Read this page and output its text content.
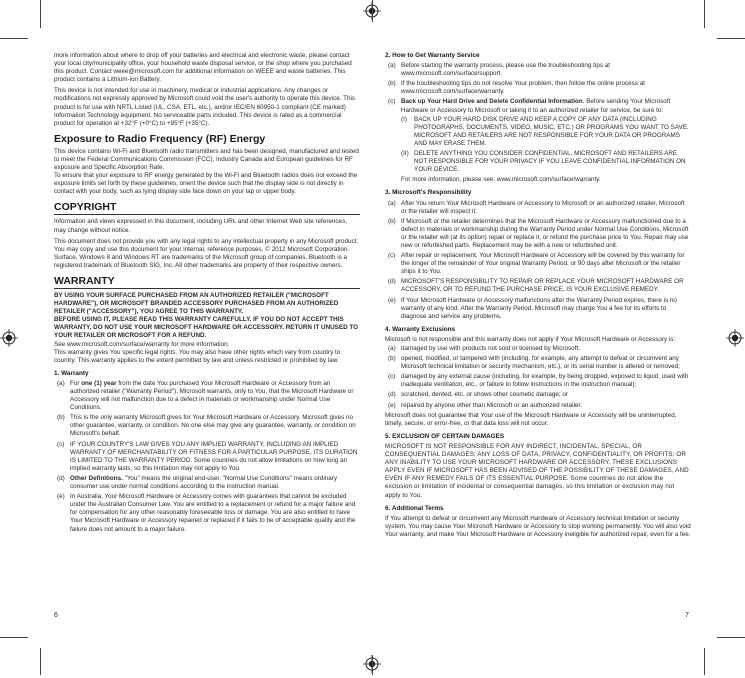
more information about where to drop off your batteries and electrical and electronic waste, please contact your local city/municipality office, your household waste disposal service, or the shop where you purchased this product. Contact weee@microsoft.com for additional information on WEEE and waste batteries. This product contains a Lithium-ion Battery.

This device is not intended for use in machinery, medical or industrial applications. Any changes or modifications not expressly approved by Microsoft could void the user's authority to operate this device. This product is for use with NRTL Listed (UL, CSA, ETL, etc.), and/or IEC/EN 60950-1 compliant (CE marked) Information Technology equipment. No serviceable parts included. This device is rated as a commercial product for operation at +32°F (+0°C) to +95°F (+35°C).

Exposure to Radio Frequency (RF) Energy

This device contains Wi-Fi and Bluetooth radio transmitters and has been designed, manufactured and tested to meet the Federal Communications Commission (FCC), Industry Canada and European guidelines for RF exposure and Specific Absorption Rate.

To ensure that your exposure to RF energy generated by the Wi-Fi and Bluetooth radios does not exceed the exposure limits set forth by these guidelines, orient the device such that the display side is not directly in contact with your body, such as lying display side face down on your lap or upper body.

COPYRIGHT

Information and views expressed in this document, including URL and other Internet Web site references, may change without notice.

This document does not provide you with any legal rights to any intellectual property in any Microsoft product. You may copy and use this document for your internal, reference purposes. © 2012 Microsoft Corporation. Surface, Windows 8 and Windows RT are trademarks of the Microsoft group of companies. Bluetooth is a registered trademark of Bluetooth SIG, Inc. All other trademarks are property of their respective owners.

WARRANTY

BY USING YOUR SURFACE PURCHASED FROM AN AUTHORIZED RETAILER ("MICROSOFT HARDWARE"), OR MICROSOFT BRANDED ACCESSORY PURCHASED FROM AN AUTHORIZED RETAILER ("ACCESSORY"), YOU AGREE TO THIS WARRANTY.

BEFORE USING IT, PLEASE READ THIS WARRANTY CAREFULLY. IF YOU DO NOT ACCEPT THIS WARRANTY, DO NOT USE YOUR MICROSOFT HARDWARE OR ACCESSORY. RETURN IT UNUSED TO YOUR RETAILER OR MICROSOFT FOR A REFUND.

See www.microsoft.com/surface/warranty for more information.

This warranty gives You specific legal rights. You may also have other rights which vary from country to country. This warranty applies to the extent permitted by law and unless restricted or prohibited by law.

1. Warranty
(a) For one (1) year from the date You purchased Your Microsoft Hardware or Accessory from an authorized retailer ("Warranty Period"), Microsoft warrants, only to You, that the Microsoft Hardware or Accessory will not malfunction due to a defect in materials or workmanship under Normal Use Conditions.
(b) This is the only warranty Microsoft gives for Your Microsoft Hardware or Accessory. Microsoft gives no other guarantee, warranty, or condition. No one else may give any guarantee, warranty, or condition on Microsoft's behalf.
(c) IF YOUR COUNTRY'S LAW GIVES YOU ANY IMPLIED WARRANTY, INCLUDING AN IMPLIED WARRANTY OF MERCHANTABILITY OR FITNESS FOR A PARTICULAR PURPOSE, ITS DURATION IS LIMITED TO THE WARRANTY PERIOD. Some countries do not allow limitations on how long an implied warranty lasts, so this limitation may not apply to You.
(d) Other Definitions. "You" means the original end-user. "Normal Use Conditions" means ordinary consumer use under normal conditions according to the instruction manual.
(e) In Australia, Your Microsoft Hardware or Accessory comes with guarantees that cannot be excluded under the Australian Consumer Law. You are entitled to a replacement or refund for a major failure and for compensation for any other reasonably foreseeable loss or damage. You are also entitled to have Your Microsoft Hardware or Accessory repaired or replaced if it fails to be of acceptable quality and the failure does not amount to a major failure.
6
2. How to Get Warranty Service
(a) Before starting the warranty process, please use the troubleshooting tips at www.microsoft.com/surface/support.
(b) If the troubleshooting tips do not resolve Your problem, then follow the online process at www.microsoft.com/surface/warranty.
(c) Back up Your Hard Drive and Delete Confidential Information. Before sending Your Microsoft Hardware or Accessory to Microsoft or taking it to an authorized retailer for service, be sure to:
(I)	BACK UP YOUR HARD DISK DRIVE AND KEEP A COPY OF ANY DATA (INCLUDING PHOTOGRAPHS, DOCUMENTS, VIDEO, MUSIC, ETC.) OR PROGRAMS YOU WANT TO SAVE. MICROSOFT AND RETAILERS ARE NOT RESPONSIBLE FOR YOUR DATA OR PROGRAMS AND MAY ERASE THEM.
(II) DELETE ANYTHING YOU CONSIDER CONFIDENTIAL. MICROSOFT AND RETAILERS ARE NOT RESPONSIBLE FOR YOUR PRIVACY IF YOU LEAVE CONFIDENTIAL INFORMATION ON YOUR DEVICE.
For more information, please see: www.microsoft.com/surface/warranty.
3. Microsoft's Responsibility
(a) After You return Your Microsoft Hardware or Accessory to Microsoft or an authorized retailer, Microsoft or the retailer will inspect it.
(b) If Microsoft or the retailer determines that the Microsoft Hardware or Accessory malfunctioned due to a defect in materials or workmanship during the Warranty Period under Normal Use Conditions, Microsoft or the retailer will (at its option) repair or replace it, or refund the purchase price to You. Repair may use new or refurbished parts. Replacement may be with a new or refurbished unit.
(c) After repair or replacement, Your Microsoft Hardware or Accessory will be covered by this warranty for the longer of the remainder of Your original Warranty Period, or 90 days after Microsoft or the retailer ships it to You.
(d) MICROSOFT'S RESPONSIBILITY TO REPAIR OR REPLACE YOUR MICROSOFT HARDWARE OR ACCESSORY, OR TO REFUND THE PURCHASE PRICE, IS YOUR EXCLUSIVE REMEDY.
(e) If Your Microsoft Hardware or Accessory malfunctions after the Warranty Period expires, there is no warranty of any kind. After the Warranty Period, Microsoft may charge You a fee for its efforts to diagnose and service any problems.
4. Warranty Exclusions

Microsoft is not responsible and this warranty does not apply if Your Microsoft Hardware or Accessory is:

(a) damaged by use with products not sold or licensed by Microsoft;
(b) opened, modified, or tampered with (including, for example, any attempt to defeat or circumvent any Microsoft technical limitation or security mechanism, etc.), or its serial number is altered or removed;
(c) damaged by any external cause (including, for example, by being dropped, exposed to liquid, used with inadequate ventilation, etc., or failure to follow instructions in the instruction manual);
(d) scratched, dented, etc. or shows other cosmetic damage; or
(e) repaired by anyone other than Microsoft or an authorized retailer.

Microsoft does not guarantee that Your use of the Microsoft Hardware or Accessory will be uninterrupted, timely, secure, or error-free, or that data loss will not occur.

5. EXCLUSION OF CERTAIN DAMAGES

MICROSOFT IS NOT RESPONSIBLE FOR ANY INDIRECT, INCIDENTAL, SPECIAL, OR CONSEQUENTIAL DAMAGES; ANY LOSS OF DATA, PRIVACY, CONFIDENTIALITY, OR PROFITS; OR ANY INABILITY TO USE YOUR MICROSOFT HARDWARE OR ACCESSORY. THESE EXCLUSIONS APPLY EVEN IF MICROSOFT HAS BEEN ADVISED OF THE POSSIBILITY OF THESE DAMAGES, AND EVEN IF ANY REMEDY FAILS OF ITS ESSENTIAL PURPOSE. Some countries do not allow the exclusion or limitation of incidental or consequential damages, so this limitation or exclusion may not apply to You.

6. Additional Terms

If You attempt to defeat or circumvent any Microsoft Hardware or Accessory technical limitation or security system, You may cause Your Microsoft Hardware or Accessory to stop working permanently. You will also void Your warranty, and make Your Microsoft Hardware or Accessory ineligible for authorized repair, even for a fee.

7
